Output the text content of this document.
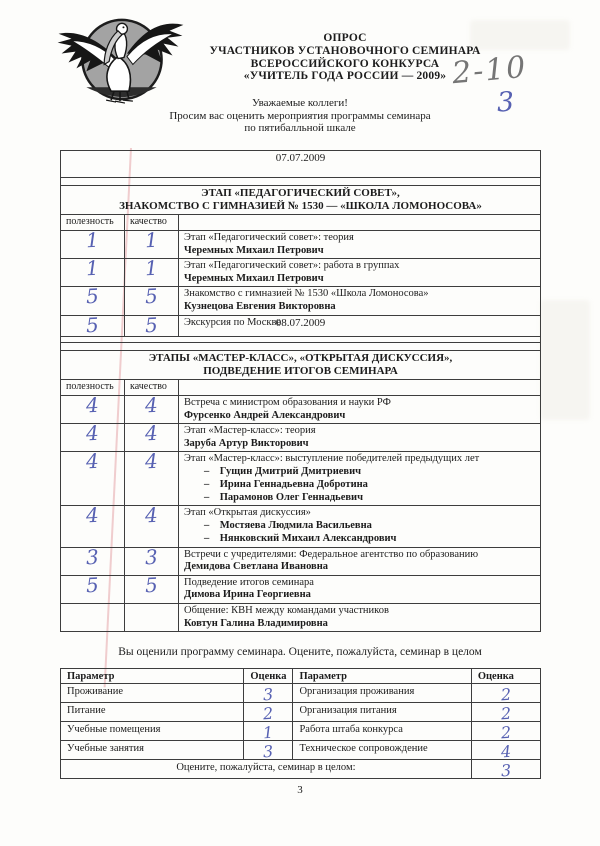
ОПРОС
УЧАСТНИКОВ УСТАНОВОЧНОГО СЕМИНАРА
ВСЕРОССИЙСКОГО КОНКУРСА
«УЧИТЕЛЬ ГОДА РОССИИ — 2009» 2-10
3
Уважаемые коллеги!
Просим вас оценить мероприятия программы семинара
по пятибалльной шкале
07.07.2009		

ЭТАП «ПЕДАГОГИЧЕСКИЙ СОВЕТ»,
ЗНАКОМСТВО С ГИМНАЗИЕЙ № 1530 — «ШКОЛА ЛОМОНОСОВА»		

полезность	качество	
1	1	Этап «Педагогический совет»: теория
Черемных Михаил Петрович

1	1	Этап «Педагогический совет»: работа в группах
Черемных Михаил Петрович

5	5	Знакомство с гимназией № 1530 «Школа Ломоносова»
Кузнецова Евгения Викторовна

5	5	Экскурсия по Москве
08.07.2009		

ЭТАПЫ «МАСТЕР-КЛАСС», «ОТКРЫТАЯ ДИСКУССИЯ»,
ПОДВЕДЕНИЕ ИТОГОВ СЕМИНАРА		

полезность	качество	
4	4	Встреча с министром образования и науки РФ
Фурсенко Андрей Александрович

4	4	Этап «Мастер-класс»: теория
Заруба Артур Викторович

4	4	Этап «Мастер-класс»: выступление победителей предыдущих лет
–    Гущин Дмитрий Дмитриевич
–    Ирина Геннадьевна Добротина
–    Парамонов Олег Геннадьевич

4	4	Этап «Открытая дискуссия»
–    Мостяева Людмила Васильевна
–    Нянковский Михаил Александрович

3	3	Встречи с учредителями: Федеральное агентство по образованию
Демидова Светлана Ивановна

5	5	Подведение итогов семинара
Димова Ирина Георгиевна

		Общение: КВН между командами участников
Ковтун Галина Владимировна
Вы оценили программу семинара. Оцените, пожалуйста, семинар в целом
Параметр	Оценка	Параметр	Оценка
Проживание	3	Организация проживания	2
Питание	2	Организация питания	2
Учебные помещения	1	Работа штаба конкурса	2
Учебные занятия	3	Техническое сопровождение	4
Оцените, пожалуйста, семинар в целом:			3
3
